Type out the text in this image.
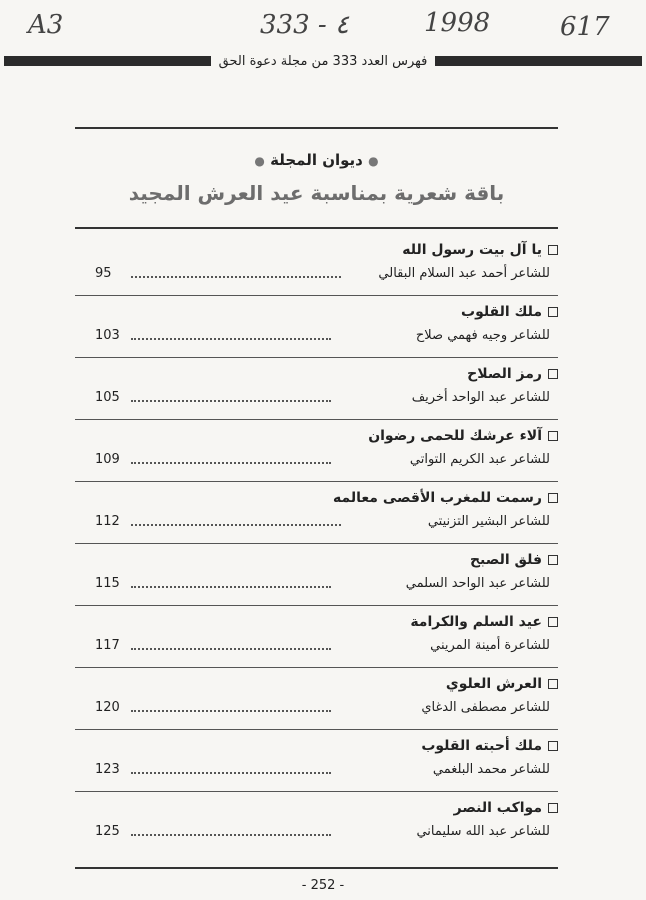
A3	333 - ٤	1998	617
فهرس العدد 333 من مجلة دعوة الحق
● ديوان المجلة ●
باقة شعرية بمناسبة عيد العرش المجيد
يا آل بيت رسول الله
للشاعر أحمد عبد السلام البقالي
95
ملك القلوب
للشاعر وجيه فهمي صلاح
103
رمز الصلاح
للشاعر عبد الواحد أخريف
105
آلاء عرشك للحمى رضوان
للشاعر عبد الكريم التواتي
109
رسمت للمغرب الأقصى معالمه
للشاعر البشير التزنيتي
112
فلق الصبح
للشاعر عبد الواحد السلمي
115
عيد السلم والكرامة
للشاعرة أمينة المريني
117
العرش العلوي
للشاعر مصطفى الدغاي
120
ملك أحبته القلوب
للشاعر محمد البلغمي
123
مواكب النصر
للشاعر عبد الله سليماني
125
- 252 -
